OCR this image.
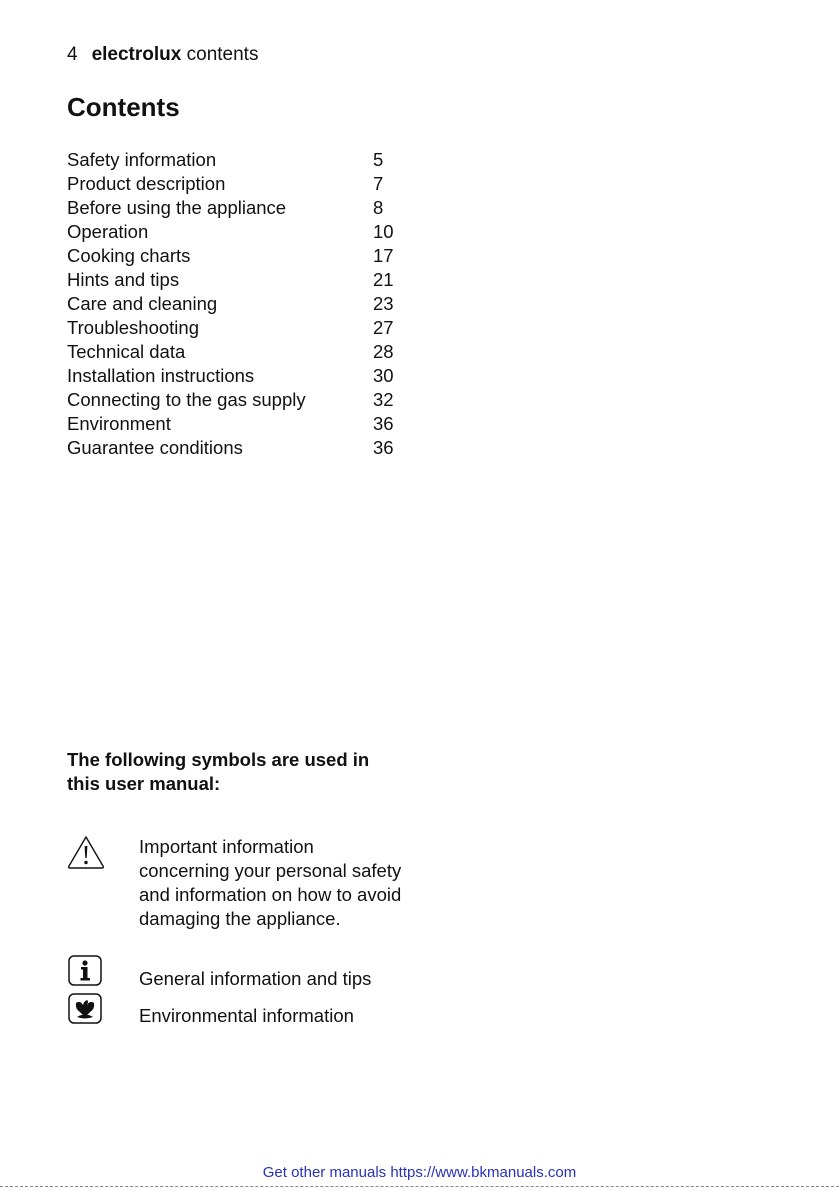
4 electrolux contents
Contents
Safety information	5
Product description	7
Before using the appliance	8
Operation	10
Cooking charts	17
Hints and tips	21
Care and cleaning	23
Troubleshooting	27
Technical data	28
Installation instructions	30
Connecting to the gas supply	32
Environment	36
Guarantee conditions	36
The following symbols are used in this user manual:
Important information concerning your personal safety and information on how to avoid damaging the appliance.
General information and tips
Environmental information
Get other manuals https://www.bkmanuals.com
